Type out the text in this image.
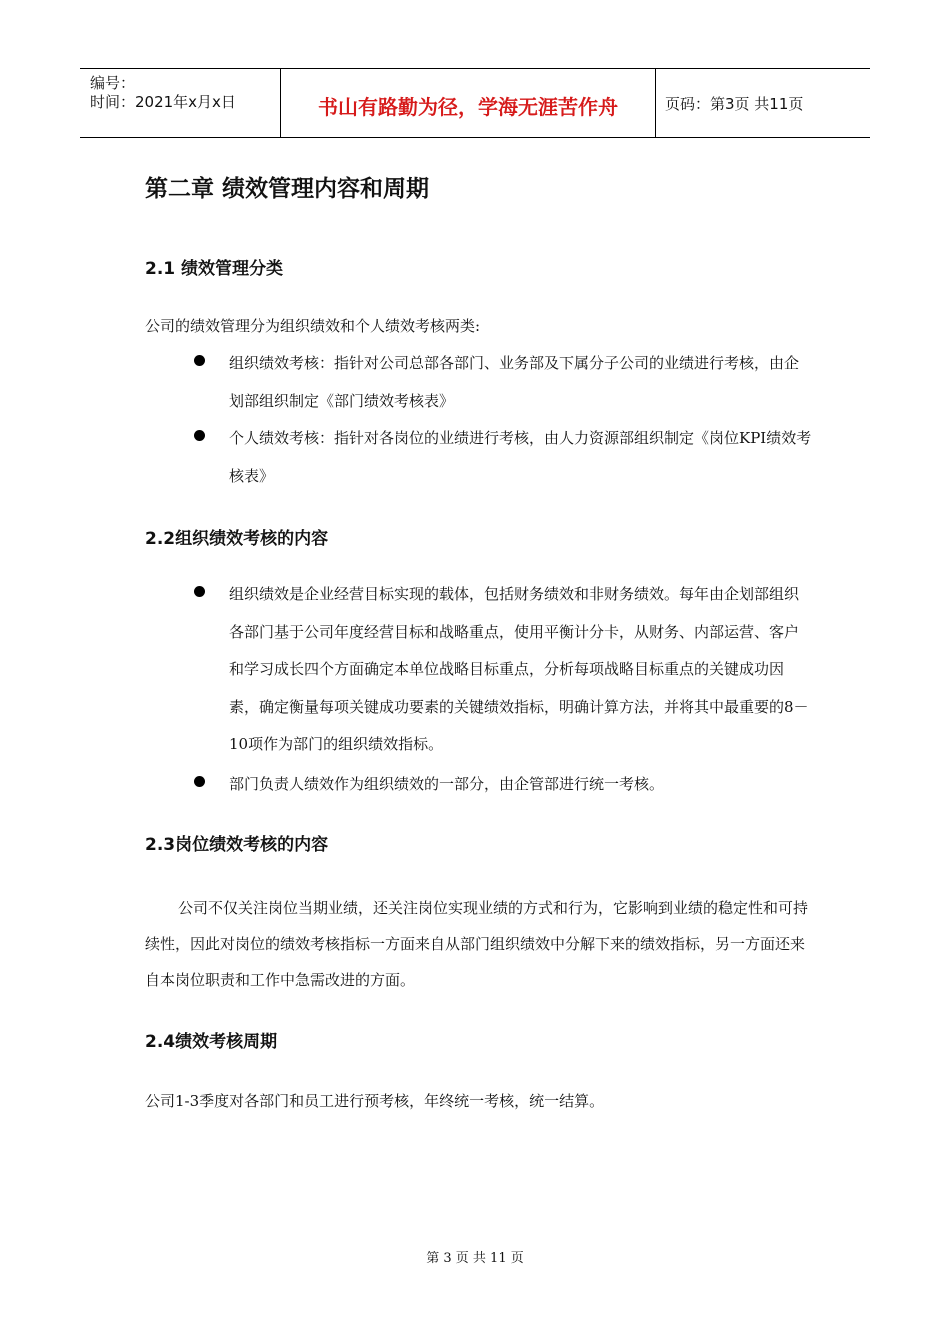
编号：
时间：2021年x月x日	书山有路勤为径，学海无涯苦作舟	页码：第3页 共11页
第二章 绩效管理内容和周期
2.1 绩效管理分类
公司的绩效管理分为组织绩效和个人绩效考核两类:
组织绩效考核：指针对公司总部各部门、业务部及下属分子公司的业绩进行考核，由企划部组织制定《部门绩效考核表》
个人绩效考核：指针对各岗位的业绩进行考核，由人力资源部组织制定《岗位KPI绩效考核表》
2.2组织绩效考核的内容
组织绩效是企业经营目标实现的载体，包括财务绩效和非财务绩效。每年由企划部组织各部门基于公司年度经营目标和战略重点，使用平衡计分卡，从财务、内部运营、客户和学习成长四个方面确定本单位战略目标重点，分析每项战略目标重点的关键成功因素，确定衡量每项关键成功要素的关键绩效指标，明确计算方法，并将其中最重要的8－10项作为部门的组织绩效指标。
部门负责人绩效作为组织绩效的一部分，由企管部进行统一考核。
2.3岗位绩效考核的内容
公司不仅关注岗位当期业绩，还关注岗位实现业绩的方式和行为，它影响到业绩的稳定性和可持续性，因此对岗位的绩效考核指标一方面来自从部门组织绩效中分解下来的绩效指标，另一方面还来自本岗位职责和工作中急需改进的方面。
2.4绩效考核周期
公司1-3季度对各部门和员工进行预考核，年终统一考核，统一结算。
第 3 页 共 11 页
